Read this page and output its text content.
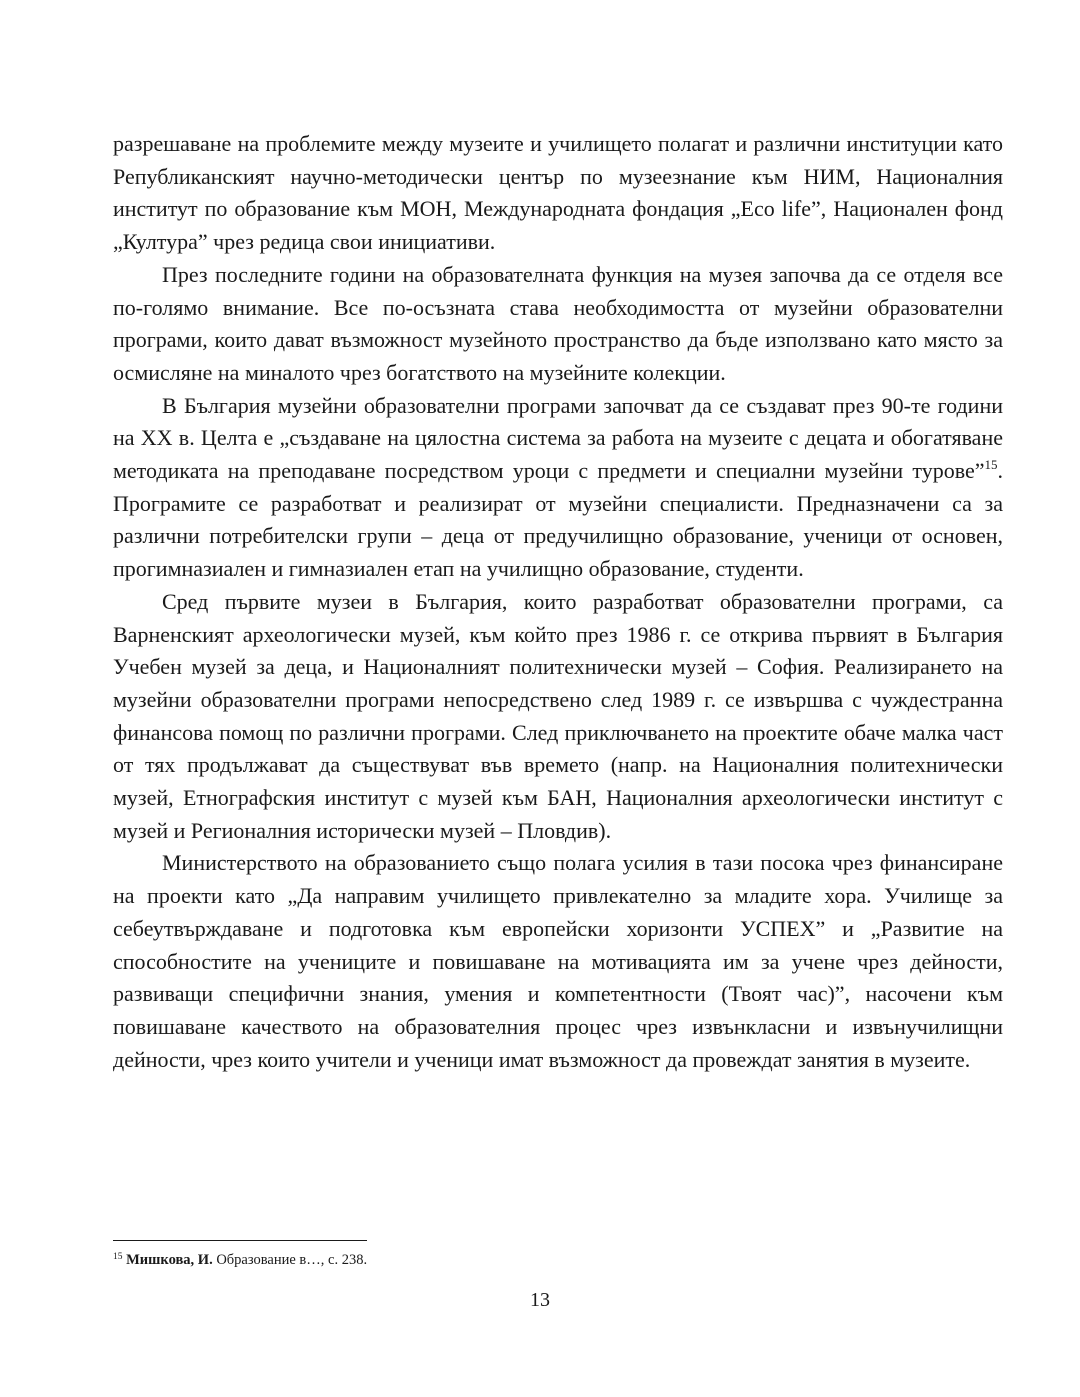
разрешаване на проблемите между музеите и училището полагат и различни институции като Републиканският научно-методически център по музеезнание към НИМ, Националния институт по образование към МОН, Международната фондация „Eco life”, Национален фонд „Култура” чрез редица свои инициативи.

През последните години на образователната функция на музея започва да се отделя все по-голямо внимание. Все по-осъзната става необходимостта от музейни образователни програми, които дават възможност музейното пространство да бъде използвано като място за осмисляне на миналото чрез богатството на музейните колекции.

В България музейни образователни програми започват да се създават през 90-те години на XX в. Целта е „създаване на цялостна система за работа на музеите с децата и обогатяване методиката на преподаване посредством уроци с предмети и специални музейни турове”$^{15}$. Програмите се разработват и реализират от музейни специалисти. Предназначени са за различни потребителски групи – деца от предучилищно образование, ученици от основен, прогимназиален и гимназиален етап на училищно образование, студенти.

Сред първите музеи в България, които разработват образователни програми, са Варненският археологически музей, към който през 1986 г. се открива първият в България Учебен музей за деца, и Националният политехнически музей – София. Реализирането на музейни образователни програми непосредствено след 1989 г. се извършва с чуждестранна финансова помощ по различни програми. След приключването на проектите обаче малка част от тях продължават да съществуват във времето (напр. на Националния политехнически музей, Етнографския институт с музей към БАН, Националния археологически институт с музей и Регионалния исторически музей – Пловдив).

Министерството на образованието също полага усилия в тази посока чрез финансиране на проекти като „Да направим училището привлекателно за младите хора. Училище за себеутвърждаване и подготовка към европейски хоризонти УСПЕХ” и „Развитие на способностите на учениците и повишаване на мотивацията им за учене чрез дейности, развиващи специфични знания, умения и компетентности (Твоят час)”, насочени към повишаване качеството на образователния процес чрез извънкласни и извънучилищни дейности, чрез които учители и ученици имат възможност да провеждат занятия в музеите.

$^{15}$ Мишкова, И. Образование в…, с. 238.
13
